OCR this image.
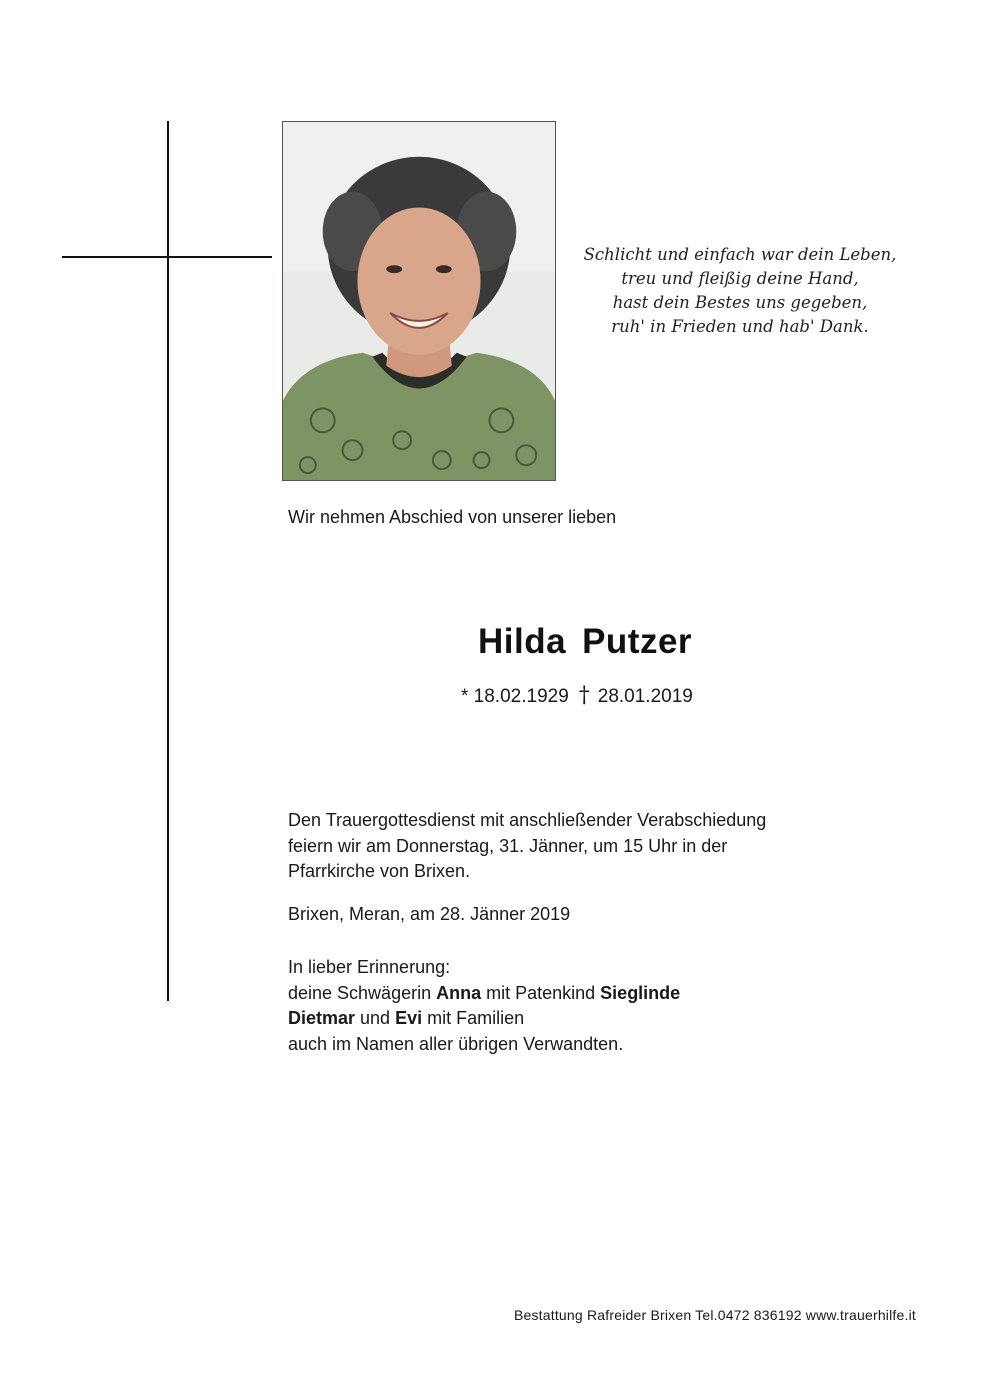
Schlicht und einfach war dein Leben,
treu und fleißig deine Hand,
hast dein Bestes uns gegeben,
ruh' in Frieden und hab' Dank.
Wir nehmen Abschied von unserer lieben
Hilda Putzer
* 18.02.1929 † 28.01.2019
Den Trauergottesdienst mit anschließender Verabschiedung
feiern wir am Donnerstag, 31. Jänner, um 15 Uhr in der
Pfarrkirche von Brixen.
Brixen, Meran, am 28. Jänner 2019
In lieber Erinnerung:
deine Schwägerin Anna mit Patenkind Sieglinde
Dietmar und Evi mit Familien
auch im Namen aller übrigen Verwandten.
Bestattung Rafreider Brixen Tel.0472 836192 www.trauerhilfe.it
